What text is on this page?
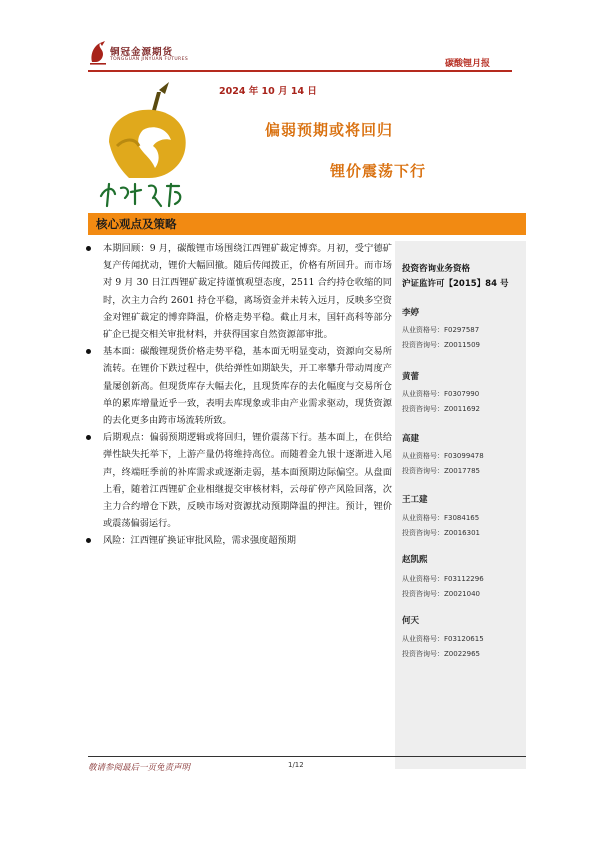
铜冠金源期货
TONGGUAN JINYUAN FUTURES	碳酸锂月报
2024 年 10 月 14 日
偏弱预期或将回归
锂价震荡下行
核心观点及策略
本期回顾：9 月，碳酸锂市场围绕江西锂矿裁定博弈。月初，受宁德矿复产传闻扰动，锂价大幅回撤。随后传闻拨正，价格有所回升。而市场对 9 月 30 日江西锂矿裁定持谨慎观望态度，2511 合约持仓收缩的同时，次主力合约 2601 持仓平稳，离场资金并未转入远月，反映多空资金对锂矿裁定的博弈降温，价格走势平稳。截止月末，国轩高科等部分矿企已提交相关审批材料，并获得国家自然资源部审批。
基本面：碳酸锂现货价格走势平稳，基本面无明显变动，资源向交易所流转。在锂价下跌过程中，供给弹性如期缺失，开工率攀升带动周度产量屡创新高。但现货库存大幅去化，且现货库存的去化幅度与交易所仓单的累库增量近乎一致，表明去库现象或非由产业需求驱动，现货资源的去化更多由跨市场流转所致。
后期观点：偏弱预期逻辑或将回归，锂价震荡下行。基本面上，在供给弹性缺失托举下，上游产量仍将维持高位。而随着金九银十逐渐进入尾声，终端旺季前的补库需求或逐渐走弱，基本面预期边际偏空。从盘面上看，随着江西锂矿企业相继提交审核材料，云母矿停产风险回落，次主力合约增仓下跌，反映市场对资源扰动预期降温的押注。预计，锂价或震荡偏弱运行。
风险：江西锂矿换证审批风险，需求强度超预期
投资咨询业务资格
沪证监许可【2015】84 号
李婷
从业资格号：F0297587
投资咨询号：Z0011509
黄蕾
从业资格号：F0307990
投资咨询号：Z0011692
高建
从业资格号：F03099478
投资咨询号：Z0017785
王工建
从业资格号：F3084165
投资咨询号：Z0016301
赵凯熙
从业资格号：F03112296
投资咨询号：Z0021040
何天
从业资格号：F03120615
投资咨询号：Z0022965
敬请参阅最后一页免责声明	1/12
